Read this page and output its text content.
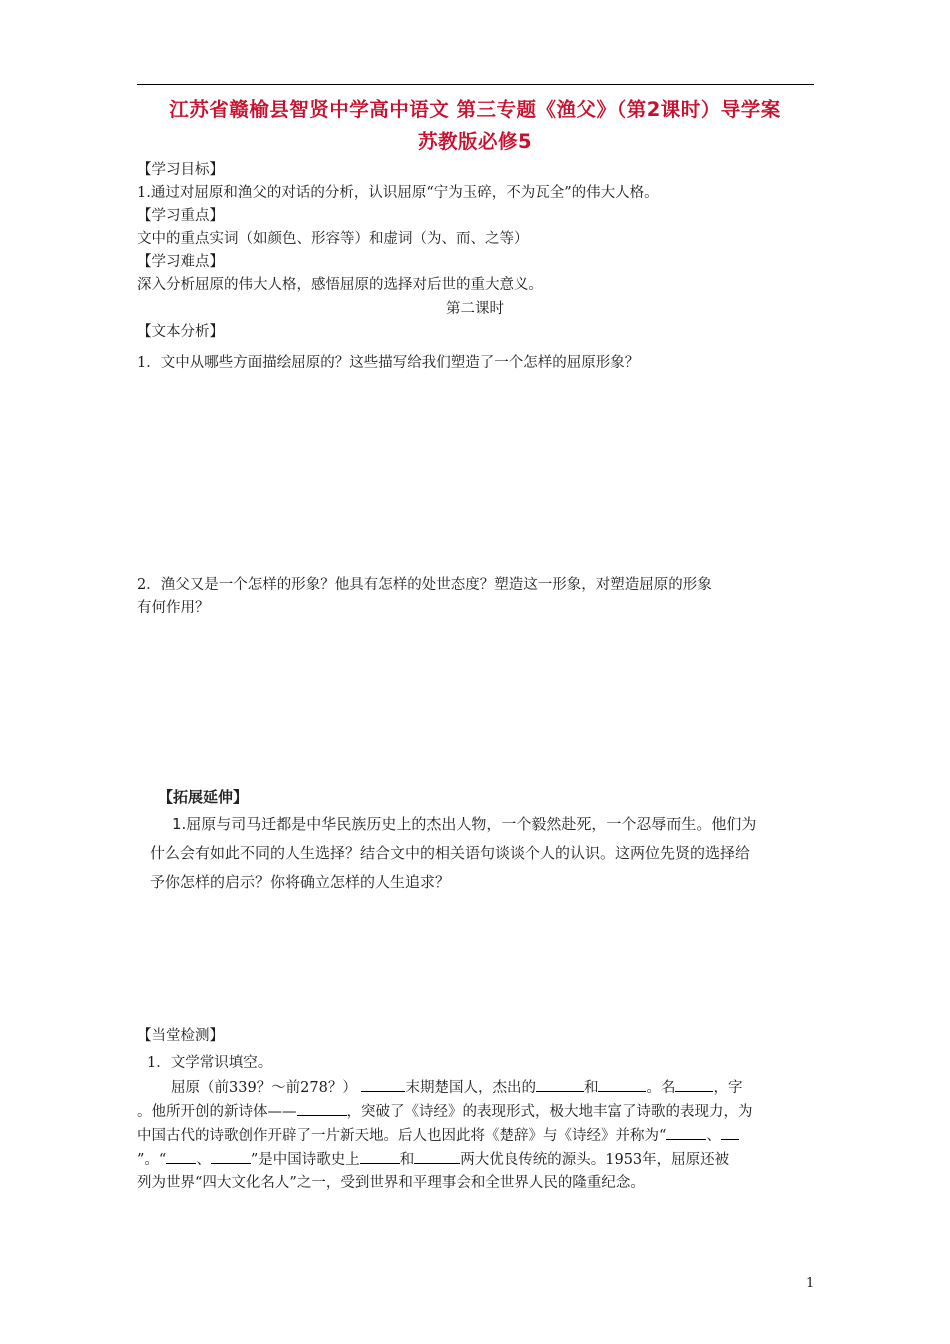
江苏省赣榆县智贤中学高中语文 第三专题《渔父》（第2课时）导学案
苏教版必修5
【学习目标】
1.通过对屈原和渔父的对话的分析，认识屈原“宁为玉碎，不为瓦全”的伟大人格。
【学习重点】
文中的重点实词（如颜色、形容等）和虚词（为、而、之等）
【学习难点】
深入分析屈原的伟大人格，感悟屈原的选择对后世的重大意义。
第二课时
【文本分析】
1．文中从哪些方面描绘屈原的？这些描写给我们塑造了一个怎样的屈原形象？
2．渔父又是一个怎样的形象？他具有怎样的处世态度？塑造这一形象，对塑造屈原的形象
有何作用？
【拓展延伸】
1.屈原与司马迁都是中华民族历史上的杰出人物，一个毅然赴死，一个忍辱而生。他们为
什么会有如此不同的人生选择？结合文中的相关语句谈谈个人的认识。这两位先贤的选择给
予你怎样的启示？你将确立怎样的人生追求？
【当堂检测】
1．文学常识填空。
屈原（前339？～前278？）	末期楚国人，杰出的	和	。名	，字
。他所开创的新诗体——	，突破了《诗经》的表现形式，极大地丰富了诗歌的表现力，为
中国古代的诗歌创作开辟了一片新天地。后人也因此将《楚辞》与《诗经》并称为“	、
”。“ 、	”是中国诗歌史上	和	两大优良传统的源头。1953年，屈原还被
列为世界“四大文化名人”之一，受到世界和平理事会和全世界人民的隆重纪念。
1
